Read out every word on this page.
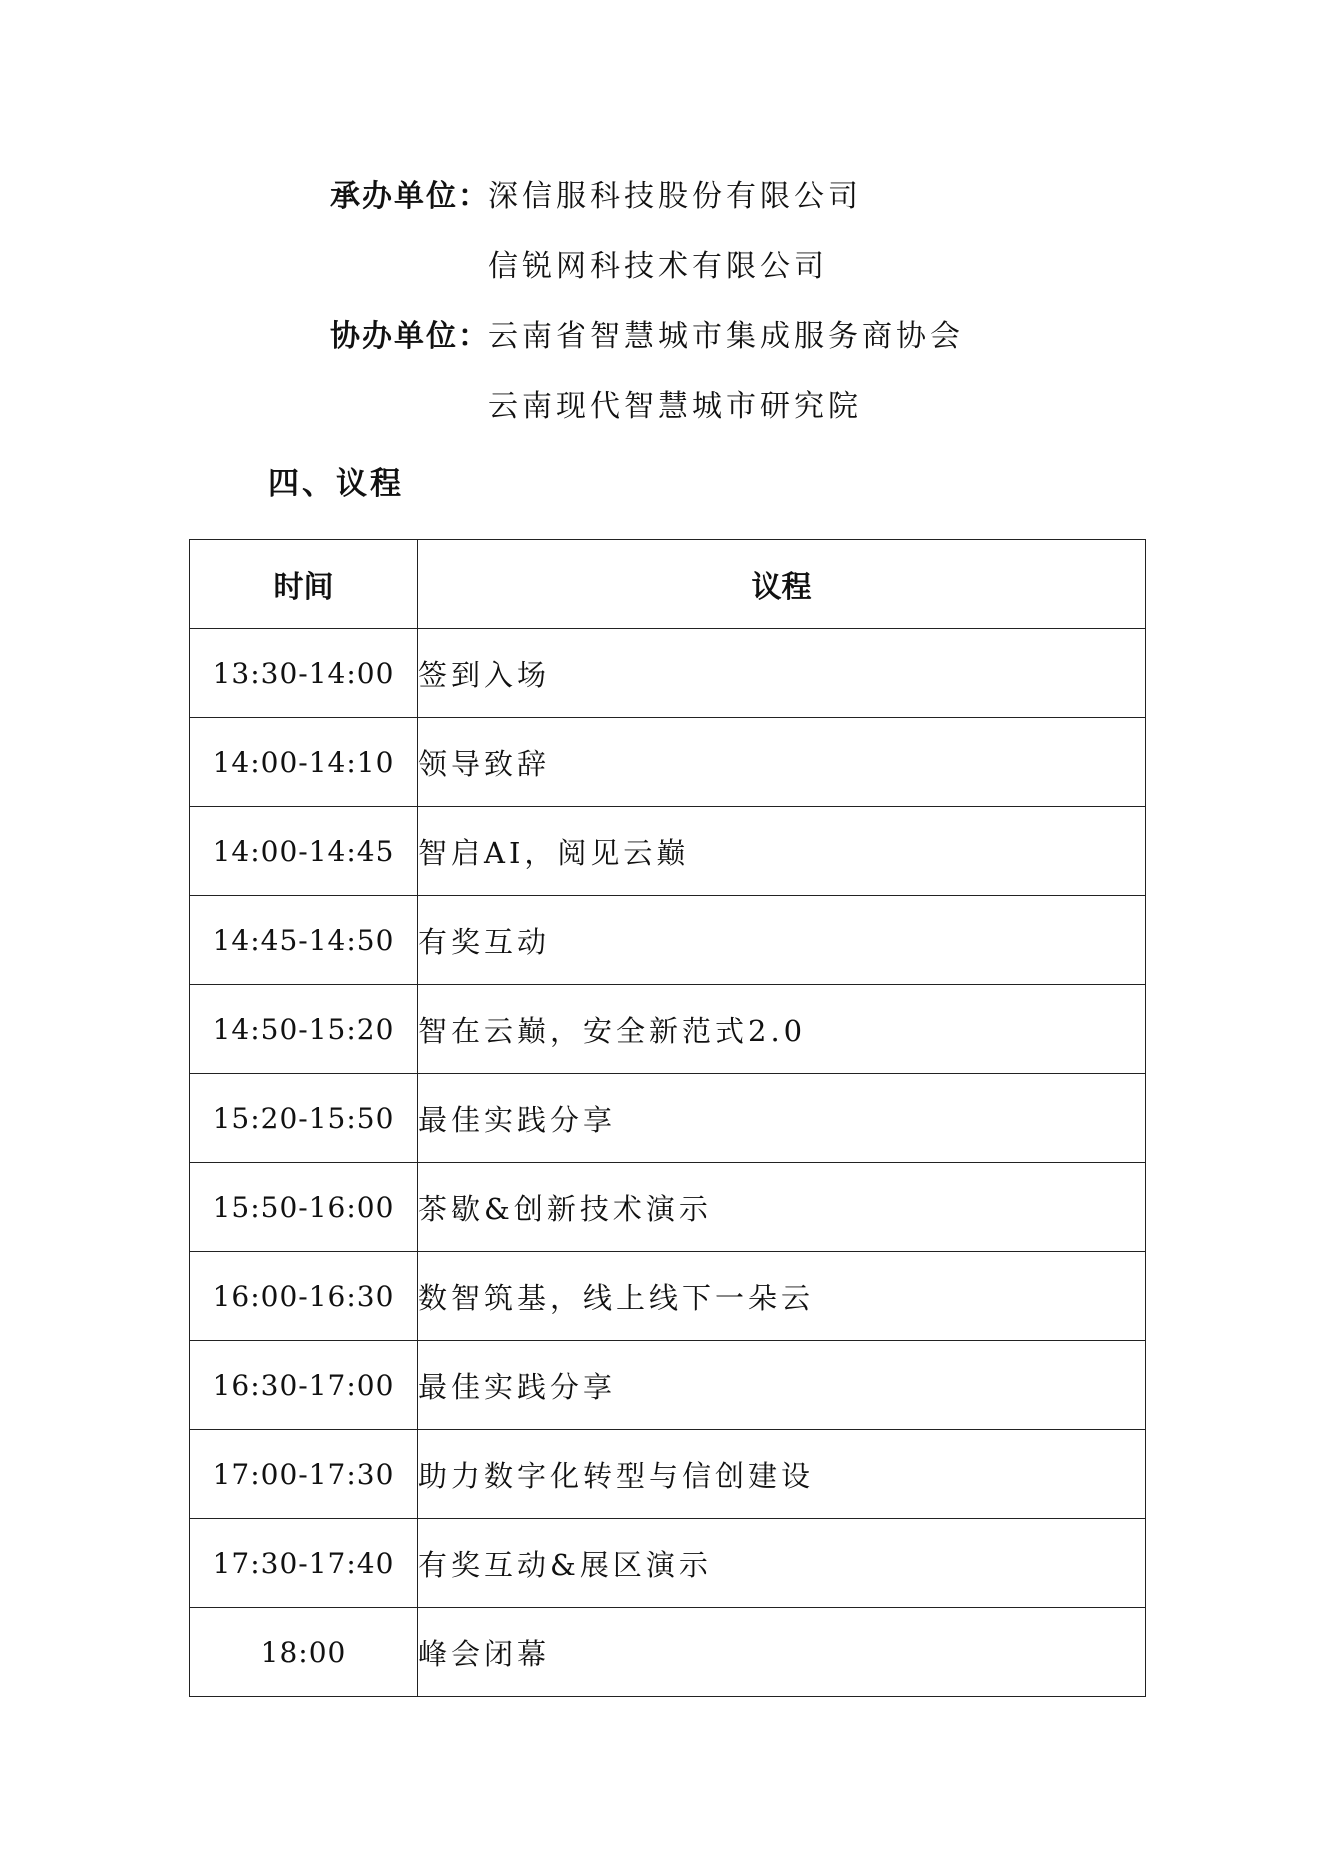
承办单位：
深信服科技股份有限公司
信锐网科技术有限公司
协办单位：
云南省智慧城市集成服务商协会
云南现代智慧城市研究院
四、议程
时间	议程
13:30-14:00	签到入场
14:00-14:10	领导致辞
14:00-14:45	智启AI，阅见云巅
14:45-14:50	有奖互动
14:50-15:20	智在云巅，安全新范式2.0
15:20-15:50	最佳实践分享
15:50-16:00	茶歇&创新技术演示
16:00-16:30	数智筑基，线上线下一朵云
16:30-17:00	最佳实践分享
17:00-17:30	助力数字化转型与信创建设
17:30-17:40	有奖互动&展区演示
18:00	峰会闭幕
